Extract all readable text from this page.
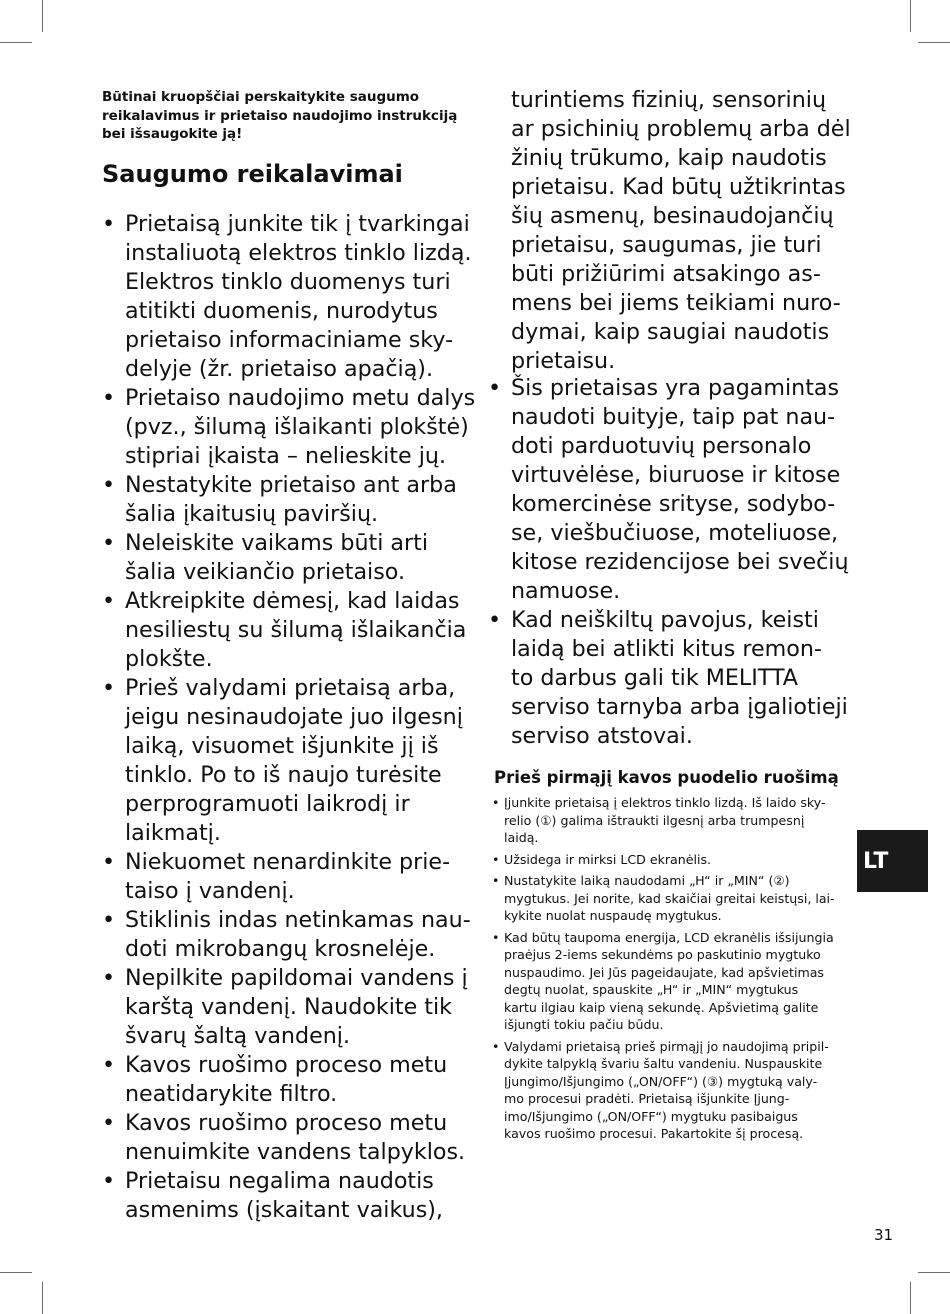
Būtinai kruopščiai perskaitykite saugumo reikalavimus ir prietaiso naudojimo instrukciją bei išsaugokite ją!
Saugumo reikalavimai
• Prietaisą junkite tik į tvarkingai
instaliuotą elektros tinklo lizdą.
Elektros tinklo duomenys turi
atitikti duomenis, nurodytus
prietaiso informaciniame sky-
delyje (žr. prietaiso apačią).
• Prietaiso naudojimo metu dalys
(pvz., šilumą išlaikanti plokštė)
stipriai įkaista – nelieskite jų.
• Nestatykite prietaiso ant arba
šalia įkaitusių paviršių.
• Neleiskite vaikams būti arti
šalia veikiančio prietaiso.
• Atkreipkite dėmesį, kad laidas
nesiliestų su šilumą išlaikančia
plokšte.
• Prieš valydami prietaisą arba,
jeigu nesinaudojate juo ilgesnį
laiką, visuomet išjunkite jį iš
tinklo. Po to iš naujo turėsite
perprogramuoti laikrodį ir
laikmatį.
• Niekuomet nenardinkite prie-
taiso į vandenį.
• Stiklinis indas netinkamas nau-
doti mikrobangų krosnelėje.
• Nepilkite papildomai vandens į
karštą vandenį. Naudokite tik
švarų šaltą vandenį.
• Kavos ruošimo proceso metu
neatidarykite filtro.
• Kavos ruošimo proceso metu
nenuimkite vandens talpyklos.
• Prietaisu negalima naudotis
asmenims (įskaitant vaikus),
turintiems fizinių, sensorinių
ar psichinių problemų arba dėl
žinių trūkumo, kaip naudotis
prietaisu. Kad būtų užtikrintas
šių asmenų, besinaudojančių
prietaisu, saugumas, jie turi
būti prižiūrimi atsakingo as-
mens bei jiems teikiami nuro-
dymai, kaip saugiai naudotis
prietaisu.
• Šis prietaisas yra pagamintas
naudoti buityje, taip pat nau-
doti parduotuvių personalo
virtuvėlėse, biuruose ir kitose
komercinėse srityse, sodybo-
se, viešbučiuose, moteliuose,
kitose rezidencijose bei svečių
namuose.
• Kad neiškiltų pavojus, keisti
laidą bei atlikti kitus remon-
to darbus gali tik MELITTA
serviso tarnyba arba įgaliotieji
serviso atstovai.
Prieš pirmąjį kavos puodelio ruošimą
• Įjunkite prietaisą į elektros tinklo lizdą. Iš laido sky-
relio (①) galima ištraukti ilgesnį arba trumpesnį
laidą.
• Užsidega ir mirksi LCD ekranėlis.
• Nustatykite laiką naudodami „H“ ir „MIN“ (②)
mygtukus. Jei norite, kad skaičiai greitai keistųsi, lai-
kykite nuolat nuspaudę mygtukus.
• Kad būtų taupoma energija, LCD ekranėlis išsijungia
praėjus 2-iems sekundėms po paskutinio mygtuko
nuspaudimo. Jei Jūs pageidaujate, kad apšvietimas
degtų nuolat, spauskite „H“ ir „MIN“ mygtukus
kartu ilgiau kaip vieną sekundę. Apšvietimą galite
išjungti tokiu pačiu būdu.
• Valydami prietaisą prieš pirmąjį jo naudojimą pripil-
dykite talpyklą švariu šaltu vandeniu. Nuspauskite
Įjungimo/Išjungimo („ON/OFF“) (③) mygtuką valy-
mo procesui pradėti. Prietaisą išjunkite Įjung-
imo/Išjungimo („ON/OFF“) mygtuku pasibaigus
kavos ruošimo procesui. Pakartokite šį procesą.
LT
31
